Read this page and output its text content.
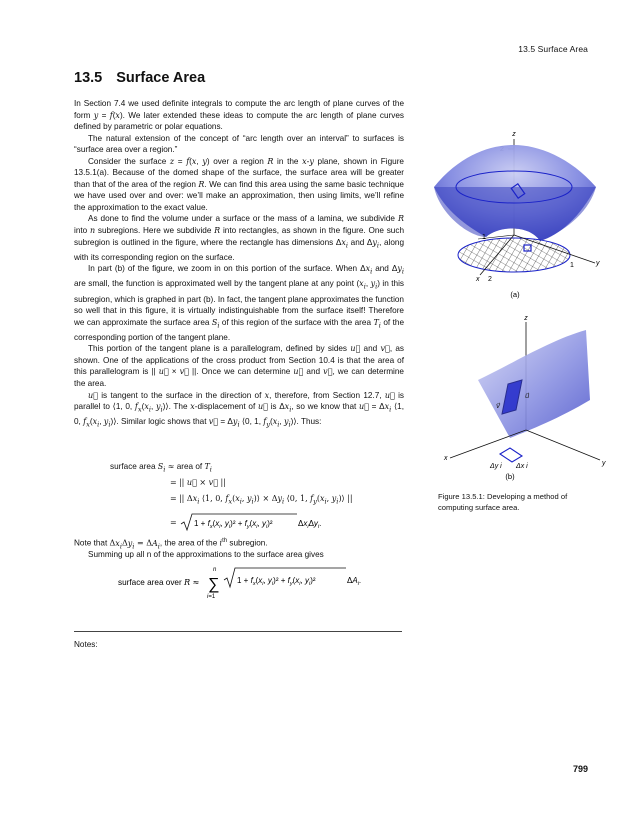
13.5 Surface Area
13.5 Surface Area

In Section 7.4 we used definite integrals to compute the arc length of plane curves of the form y = f(x). We later extended these ideas to compute the arc length of plane curves defined by parametric or polar equations.

The natural extension of the concept of “arc length over an interval” to surfaces is “surface area over a region.”

Consider the surface z = f(x, y) over a region R in the x-y plane, shown in Figure 13.5.1(a). Because of the domed shape of the surface, the surface area will be greater than that of the area of the region R. We can find this area using the same basic technique we have used over and over: we’ll make an approximation, then using limits, we’ll refine the approximation to the exact value.

As done to find the volume under a surface or the mass of a lamina, we subdivide R into n subregions. Here we subdivide R into rectangles, as shown in the figure. One such subregion is outlined in the figure, where the rectangle has dimensions $\Delta x_i$ and $\Delta y_i$, along with its corresponding region on the surface.

In part (b) of the figure, we zoom in on this portion of the surface. When $\Delta x_i$ and $\Delta y_i$ are small, the function is approximated well by the tangent plane at any point ($x_i$, $y_i$) in this subregion, which is graphed in part (b). In fact, the tangent plane approximates the function so well that in this figure, it is virtually indistinguishable from the surface itself! Therefore we can approximate the surface area $S_i$ of this region of the surface with the area $T_i$ of the corresponding portion of the tangent plane.

This portion of the tangent plane is a parallelogram, defined by sides u⃗ and v⃗, as shown. One of the applications of the cross product from Section 10.4 is that the area of this parallelogram is || u⃗ × v⃗ ||. Once we can determine u⃗ and v⃗, we can determine the area.

u⃗ is tangent to the surface in the direction of x, therefore, from Section 12.7, u⃗ is parallel to ⟨1, 0, $f_x(x_i$, $y_i)⟩$. The x-displacement of u⃗ is $\Delta x_i$, so we know that u⃗ = $\Delta x_i$ ⟨1, 0, $f_x(x_i$, $y_i)⟩$. Similar logic shows that v⃗ = $\Delta y_i$ ⟨0, 1, $f_y(x_i$, $y_i)⟩$. Thus:

surface area $S_i$ ≈ area of $T_i$
= || u⃗ × v⃗ ||
= || $\Delta x_i$ ⟨1, 0, $f_x(x_i$, $y_i)⟩ \times \Delta y_i$ ⟨0, 1, $f_y(x_i$, $y_i)⟩$ ||
= $1 + f_x(x_i$, $y_i)^2 + f_y(x_i$, $y_i)^2$	$\Delta x_i\Delta y_i$.
Note that $\Delta x_i\Delta y_i = \Delta A_i$, the area of the $i^{th}$ subregion.
Summing up all n of the approximations to the surface area gives
surface area over R ≈
n
∑
i=1
$1 + f_x(x_i$, $y_i)^2 + f_y(x_i$, $y_i)^2$	$\Delta A_i$.
Notes:
799
z
y
1
x 2
1
(a)
z
u⃗
v⃗
y
x
Δy i Δx i
(b)
Figure 13.5.1: Developing a method of computing surface area.
